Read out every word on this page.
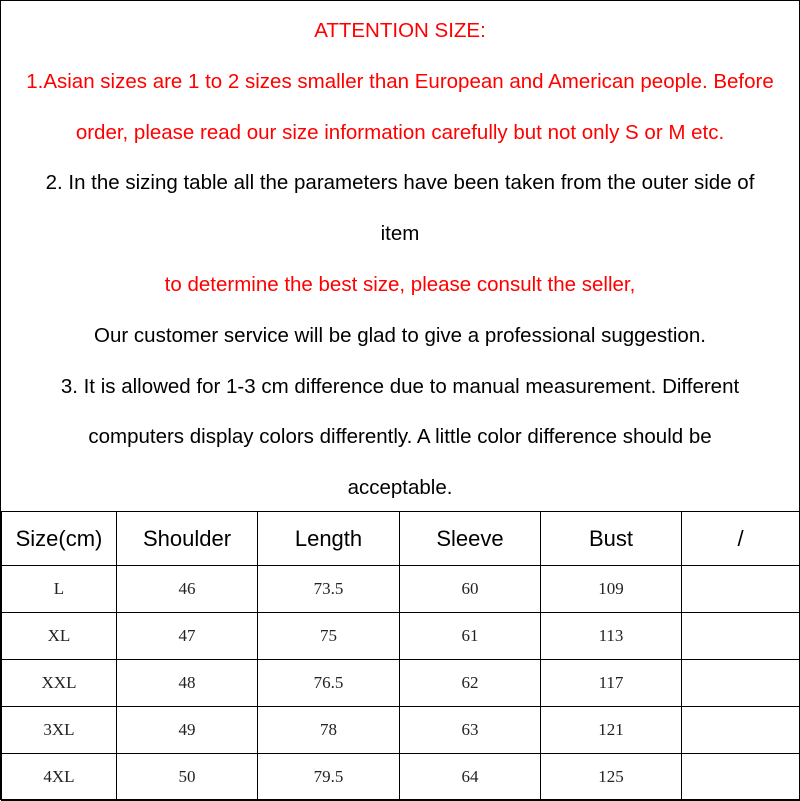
ATTENTION SIZE:
1.Asian sizes are 1 to 2 sizes smaller than European and American people. Before
order, please read our size information carefully but not only S or M etc.
2. In the sizing table all the parameters have been taken from the outer side of
item
to determine the best size, please consult the seller,
Our customer service will be glad to give a professional suggestion.
3. It is allowed for 1-3 cm difference due to manual measurement. Different
computers display colors differently. A little color difference should be
acceptable.
Size(cm)	Shoulder	Length	Sleeve	Bust	/
L	46	73.5	60	109	
XL	47	75	61	113	
XXL	48	76.5	62	117	
3XL	49	78	63	121	
4XL	50	79.5	64	125	
